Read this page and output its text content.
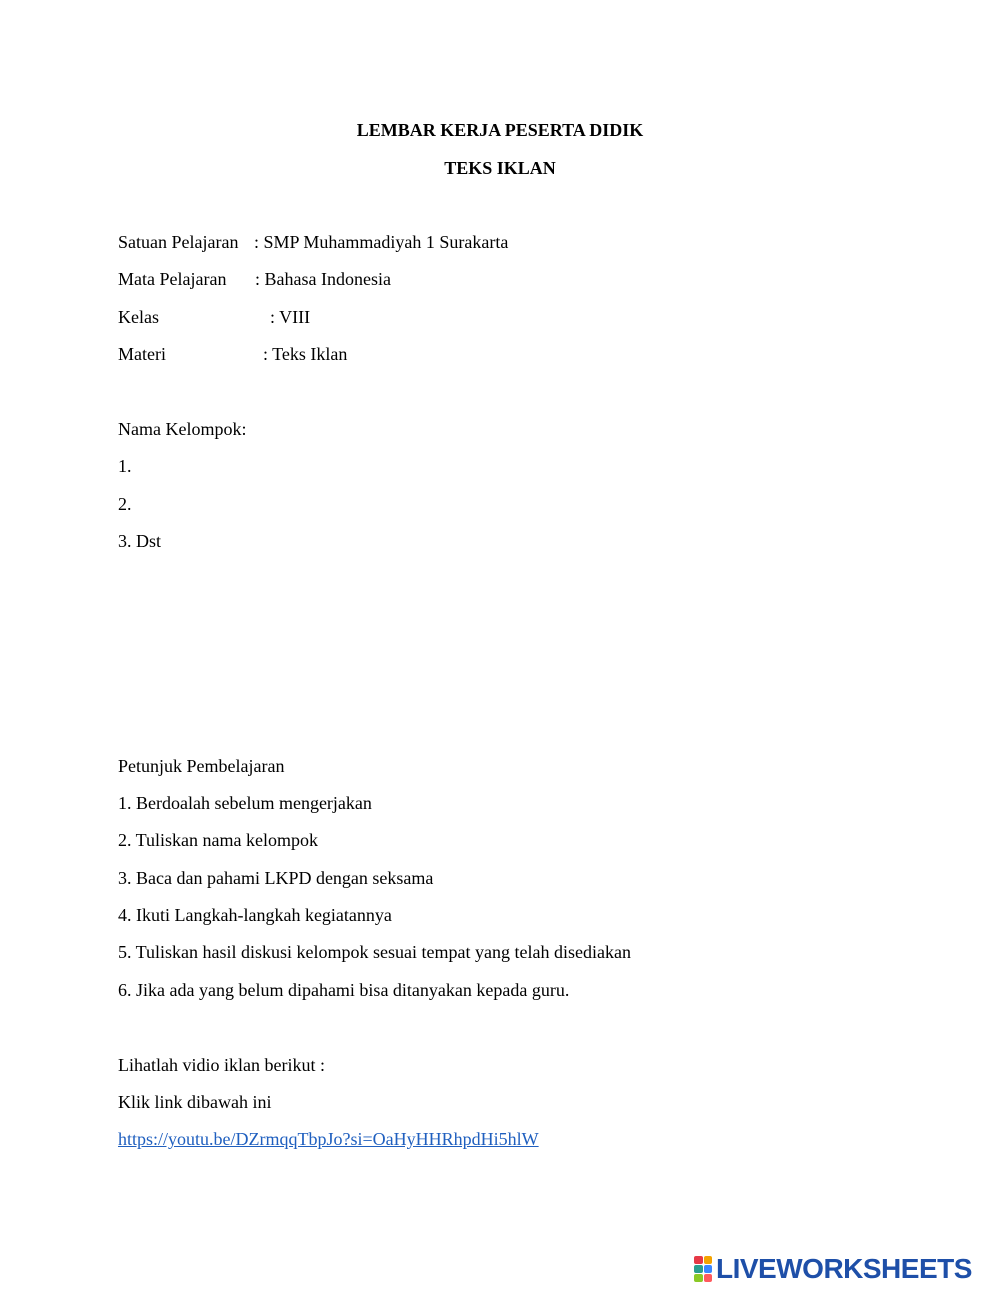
LEMBAR KERJA PESERTA DIDIK
TEKS IKLAN
Satuan Pelajaran : SMP Muhammadiyah 1 Surakarta
Mata Pelajaran : Bahasa Indonesia
Kelas	: VIII
Materi	: Teks Iklan
Nama Kelompok:
1.
2.
3. Dst
Petunjuk Pembelajaran
1. Berdoalah sebelum mengerjakan
2. Tuliskan nama kelompok
3. Baca dan pahami LKPD dengan seksama
4. Ikuti Langkah-langkah kegiatannya
5. Tuliskan hasil diskusi kelompok sesuai tempat yang telah disediakan
6. Jika ada yang belum dipahami bisa ditanyakan kepada guru.
Lihatlah vidio iklan berikut :
Klik link dibawah ini
https://youtu.be/DZrmqqTbpJo?si=OaHyHHRhpdHi5hlW
LIVEWORKSHEETS
